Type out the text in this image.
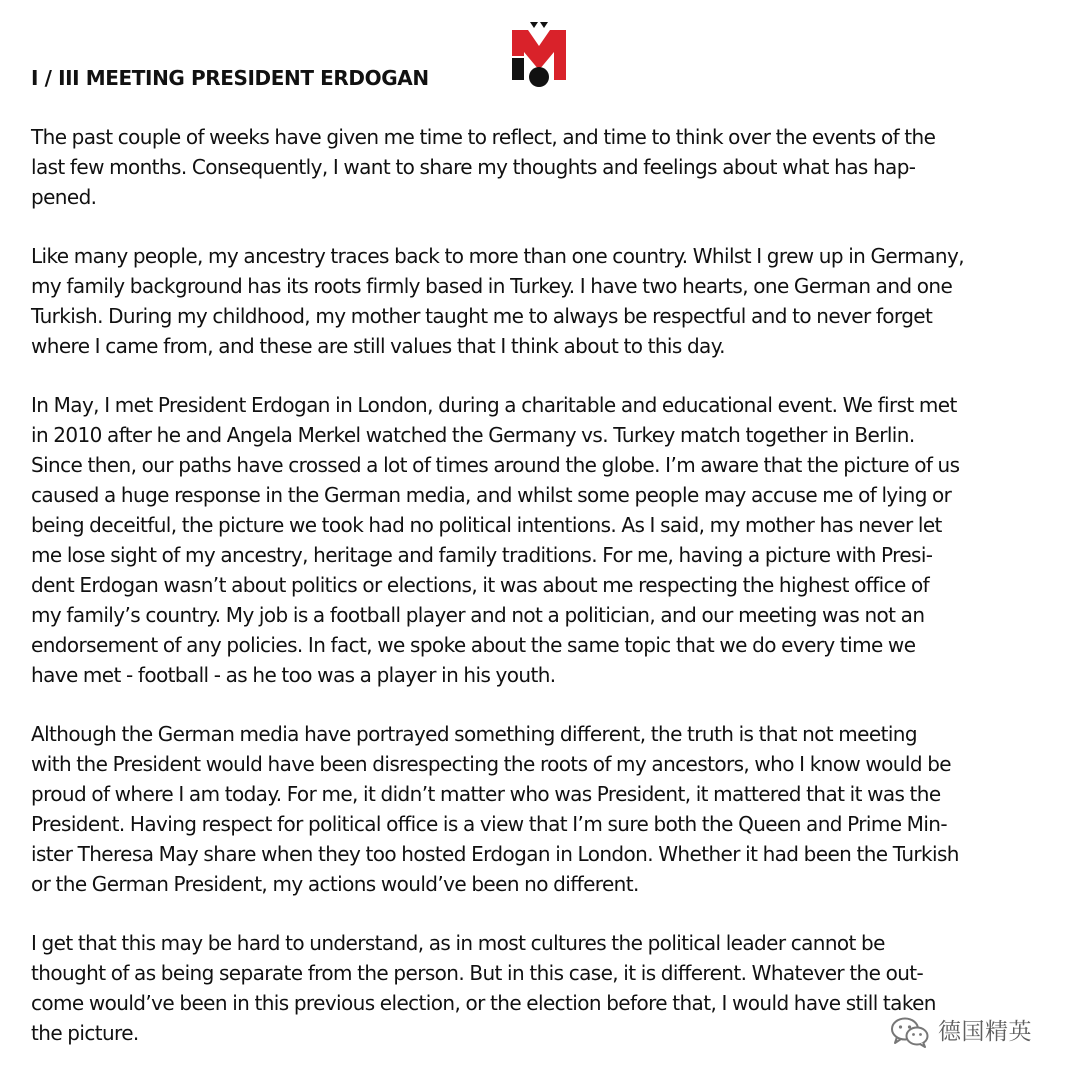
I / III MEETING PRESIDENT ERDOGAN
The past couple of weeks have given me time to reflect, and time to think over the events of the
last few months. Consequently, I want to share my thoughts and feelings about what has hap-
pened.
Like many people, my ancestry traces back to more than one country. Whilst I grew up in Germany,
my family background has its roots firmly based in Turkey. I have two hearts, one German and one
Turkish. During my childhood, my mother taught me to always be respectful and to never forget
where I came from, and these are still values that I think about to this day.
In May, I met President Erdogan in London, during a charitable and educational event. We first met
in 2010 after he and Angela Merkel watched the Germany vs. Turkey match together in Berlin.
Since then, our paths have crossed a lot of times around the globe. I’m aware that the picture of us
caused a huge response in the German media, and whilst some people may accuse me of lying or
being deceitful, the picture we took had no political intentions. As I said, my mother has never let
me lose sight of my ancestry, heritage and family traditions. For me, having a picture with Presi-
dent Erdogan wasn’t about politics or elections, it was about me respecting the highest office of
my family’s country. My job is a football player and not a politician, and our meeting was not an
endorsement of any policies. In fact, we spoke about the same topic that we do every time we
have met - football - as he too was a player in his youth.
Although the German media have portrayed something different, the truth is that not meeting
with the President would have been disrespecting the roots of my ancestors, who I know would be
proud of where I am today. For me, it didn’t matter who was President, it mattered that it was the
President. Having respect for political office is a view that I’m sure both the Queen and Prime Min-
ister Theresa May share when they too hosted Erdogan in London. Whether it had been the Turkish
or the German President, my actions would’ve been no different.
I get that this may be hard to understand, as in most cultures the political leader cannot be
thought of as being separate from the person. But in this case, it is different. Whatever the out-
come would’ve been in this previous election, or the election before that, I would have still taken
the picture.	德国精英
